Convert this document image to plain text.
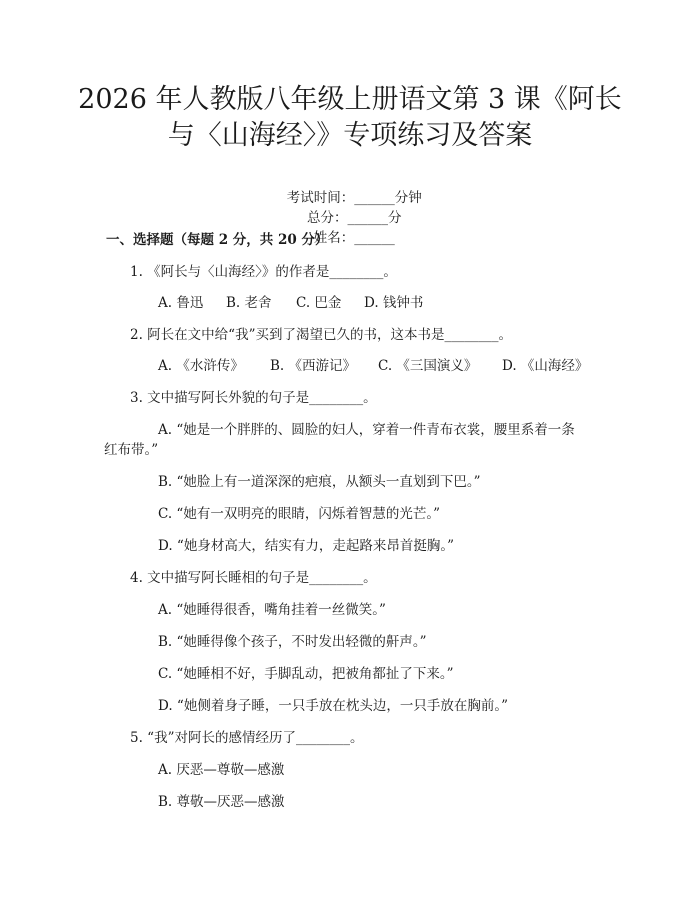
2026 年人教版八年级上册语文第 3 课《阿长
与〈山海经〉》专项练习及答案

考试时间：______分钟
总分：______分
姓名：______

一、选择题（每题 2 分，共 20 分）
1. 《阿长与〈山海经〉》的作者是________。
A. 鲁迅 B. 老舍 C. 巴金 D. 钱钟书
2. 阿长在文中给“我”买到了渴望已久的书，这本书是________。
A. 《水浒传》 B. 《西游记》 C. 《三国演义》 D. 《山海经》
3. 文中描写阿长外貌的句子是________。
A. “她是一个胖胖的、圆脸的妇人，穿着一件青布衣裳，腰里系着一条
红布带。”
B. “她脸上有一道深深的疤痕，从额头一直划到下巴。”
C. “她有一双明亮的眼睛，闪烁着智慧的光芒。”
D. “她身材高大，结实有力，走起路来昂首挺胸。”
4. 文中描写阿长睡相的句子是________。
A. “她睡得很香，嘴角挂着一丝微笑。”
B. “她睡得像个孩子，不时发出轻微的鼾声。”
C. “她睡相不好，手脚乱动，把被角都扯了下来。”
D. “她侧着身子睡，一只手放在枕头边，一只手放在胸前。”
5. “我”对阿长的感情经历了________。
A. 厌恶—尊敬—感激
B. 尊敬—厌恶—感激
